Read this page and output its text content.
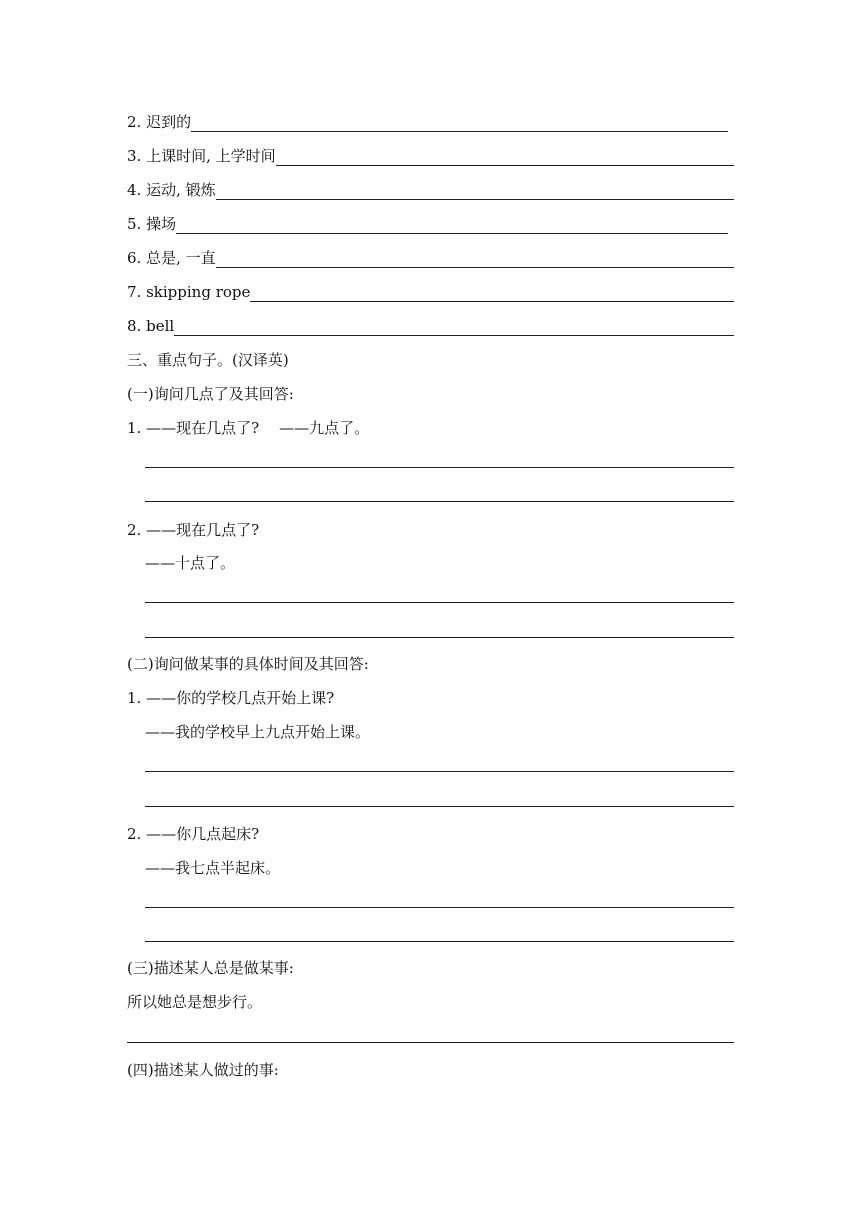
2.
迟到的
3.
上课时间, 上学时间
4.
运动, 锻炼
5.
操场
6.
总是, 一直
7.
skipping rope
8.
bell
三、重点句子。(汉译英)
(一)询问几点了及其回答:
1. ——现在几点了? ——九点了。
2. ——现在几点了?
——十点了。
(二)询问做某事的具体时间及其回答:
1. ——你的学校几点开始上课?
——我的学校早上九点开始上课。
2. ——你几点起床?
——我七点半起床。
(三)描述某人总是做某事:
所以她总是想步行。
(四)描述某人做过的事:
